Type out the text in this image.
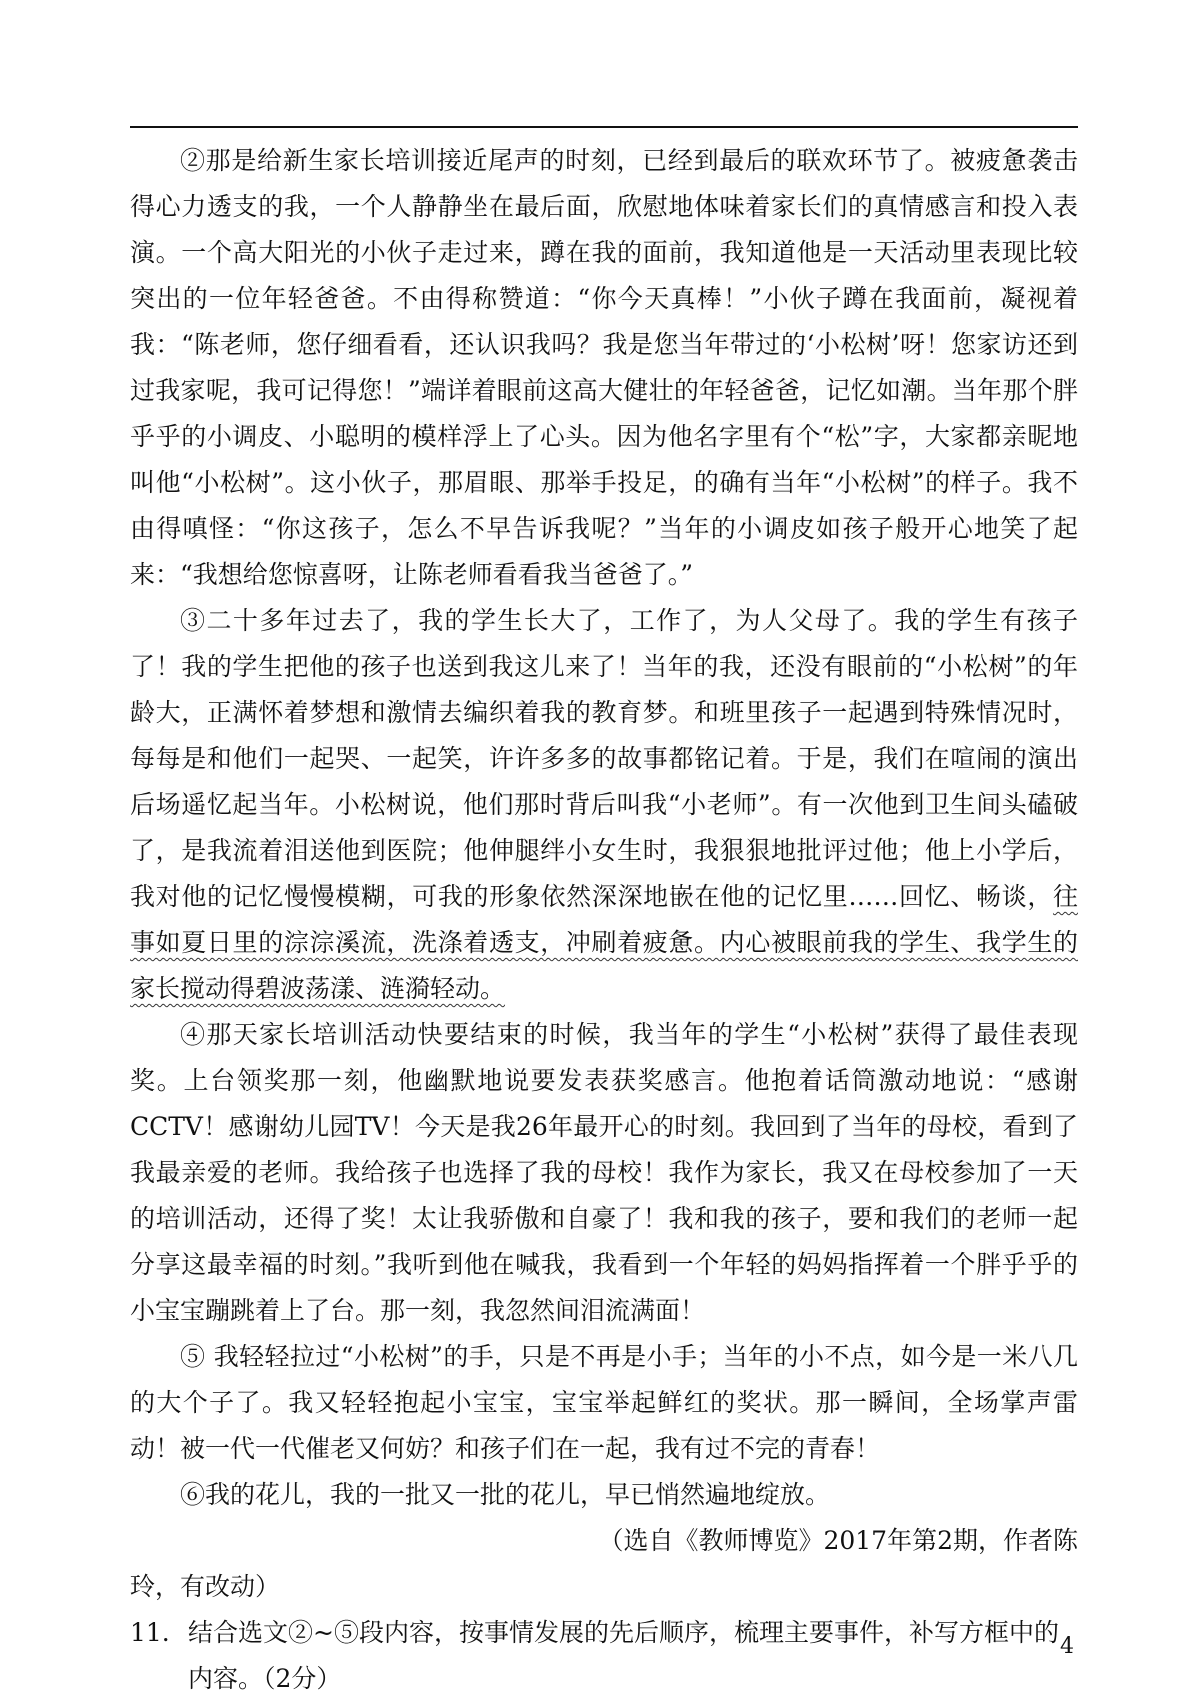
②那是给新生家长培训接近尾声的时刻，已经到最后的联欢环节了。被疲惫袭击得心力透支的我，一个人静静坐在最后面，欣慰地体味着家长们的真情感言和投入表演。一个高大阳光的小伙子走过来，蹲在我的面前，我知道他是一天活动里表现比较突出的一位年轻爸爸。不由得称赞道：“你今天真棒！”小伙子蹲在我面前，凝视着我：“陈老师，您仔细看看，还认识我吗？我是您当年带过的‘小松树’呀！您家访还到过我家呢，我可记得您！”端详着眼前这高大健壮的年轻爸爸，记忆如潮。当年那个胖乎乎的小调皮、小聪明的模样浮上了心头。因为他名字里有个“松”字，大家都亲昵地叫他“小松树”。这小伙子，那眉眼、那举手投足，的确有当年“小松树”的样子。我不由得嗔怪：“你这孩子，怎么不早告诉我呢？”当年的小调皮如孩子般开心地笑了起来：“我想给您惊喜呀，让陈老师看看我当爸爸了。”

③二十多年过去了，我的学生长大了，工作了，为人父母了。我的学生有孩子了！我的学生把他的孩子也送到我这儿来了！当年的我，还没有眼前的“小松树”的年龄大，正满怀着梦想和激情去编织着我的教育梦。和班里孩子一起遇到特殊情况时，每每是和他们一起哭、一起笑，许许多多的故事都铭记着。于是，我们在喧闹的演出后场遥忆起当年。小松树说，他们那时背后叫我“小老师”。有一次他到卫生间头磕破了，是我流着泪送他到医院；他伸腿绊小女生时，我狠狠地批评过他；他上小学后，我对他的记忆慢慢模糊，可我的形象依然深深地嵌在他的记忆里……回忆、畅谈，往事如夏日里的淙淙溪流，洗涤着透支，冲刷着疲惫。内心被眼前我的学生、我学生的家长搅动得碧波荡漾、涟漪轻动。

④那天家长培训活动快要结束的时候，我当年的学生“小松树”获得了最佳表现奖。上台领奖那一刻，他幽默地说要发表获奖感言。他抱着话筒激动地说：“感谢CCTV！感谢幼儿园TV！今天是我26年最开心的时刻。我回到了当年的母校，看到了我最亲爱的老师。我给孩子也选择了我的母校！我作为家长，我又在母校参加了一天的培训活动，还得了奖！太让我骄傲和自豪了！我和我的孩子，要和我们的老师一起分享这最幸福的时刻。”我听到他在喊我，我看到一个年轻的妈妈指挥着一个胖乎乎的小宝宝蹦跳着上了台。那一刻，我忽然间泪流满面！

⑤ 我轻轻拉过“小松树”的手，只是不再是小手；当年的小不点，如今是一米八几的大个子了。我又轻轻抱起小宝宝，宝宝举起鲜红的奖状。那一瞬间，全场掌声雷动！被一代一代催老又何妨？和孩子们在一起，我有过不完的青春！

⑥我的花儿，我的一批又一批的花儿，早已悄然遍地绽放。

（选自《教师博览》2017年第2期，作者陈

玲，有改动）

11. 结合选文②~⑤段内容，按事情发展的先后顺序，梳理主要事件，补写方框中的内容。（2分）

4
